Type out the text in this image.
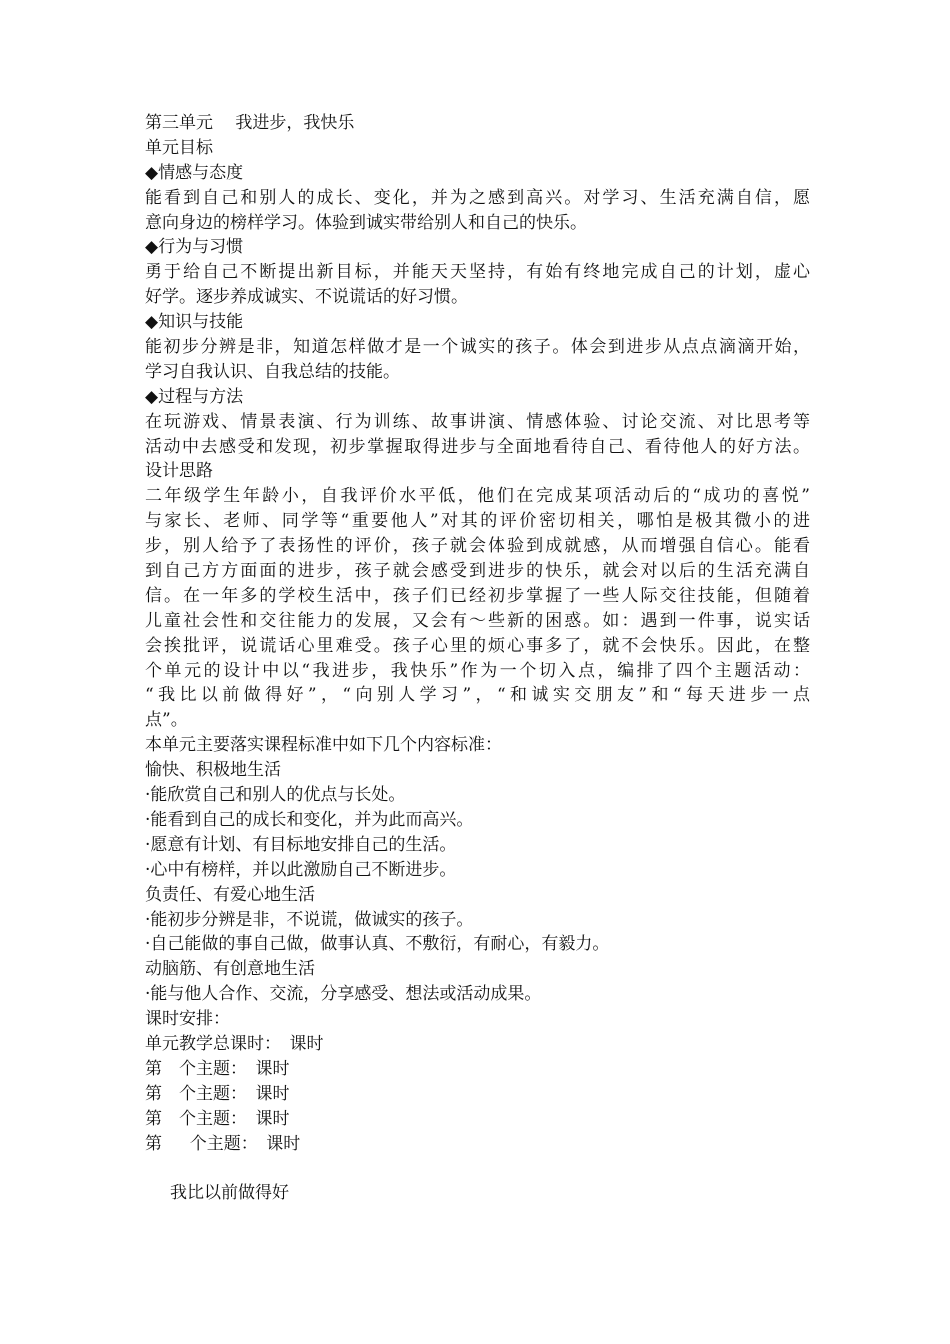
第三单元　 我进步，我快乐
单元目标
◆情感与态度
能看到自己和别人的成长、变化，并为之感到高兴。对学习、生活充满自信，愿
意向身边的榜样学习。体验到诚实带给别人和自己的快乐。
◆行为与习惯
勇于给自己不断提出新目标，并能天天坚持，有始有终地完成自己的计划，虚心
好学。逐步养成诚实、不说谎话的好习惯。
◆知识与技能
能初步分辨是非，知道怎样做才是一个诚实的孩子。体会到进步从点点滴滴开始，
学习自我认识、自我总结的技能。
◆过程与方法
在玩游戏、情景表演、行为训练、故事讲演、情感体验、讨论交流、对比思考等
活动中去感受和发现，初步掌握取得进步与全面地看待自己、看待他人的好方法。
设计思路
二年级学生年龄小，自我评价水平低，他们在完成某项活动后的“成功的喜悦”
与家长、老师、同学等“重要他人”对其的评价密切相关，哪怕是极其微小的进
步，别人给予了表扬性的评价，孩子就会体验到成就感，从而增强自信心。能看
到自己方方面面的进步，孩子就会感受到进步的快乐，就会对以后的生活充满自
信。在一年多的学校生活中，孩子们已经初步掌握了一些人际交往技能，但随着
儿童社会性和交往能力的发展，又会有～些新的困惑。如：遇到一件事，说实话
会挨批评，说谎话心里难受。孩子心里的烦心事多了，就不会快乐。因此，在整
个单元的设计中以“我进步，我快乐”作为一个切入点，编排了四个主题活动：
“我比以前做得好”，“向别人学习”，“和诚实交朋友”和“每天进步一点
点”。
本单元主要落实课程标准中如下几个内容标准：
愉快、积极地生活
·能欣赏自己和别人的优点与长处。
·能看到自己的成长和变化，并为此而高兴。
·愿意有计划、有目标地安排自己的生活。
·心中有榜样，并以此激励自己不断进步。
负责任、有爱心地生活
·能初步分辨是非，不说谎，做诚实的孩子。
·自己能做的事自己做，做事认真、不敷衍，有耐心，有毅力。
动脑筋、有创意地生活
·能与他人合作、交流，分享感受、想法或活动成果。
课时安排：
单元教学总课时：　课时
第　个主题：　课时
第　个主题：　课时
第　个主题：　课时
第　  个主题：　课时
我比以前做得好
